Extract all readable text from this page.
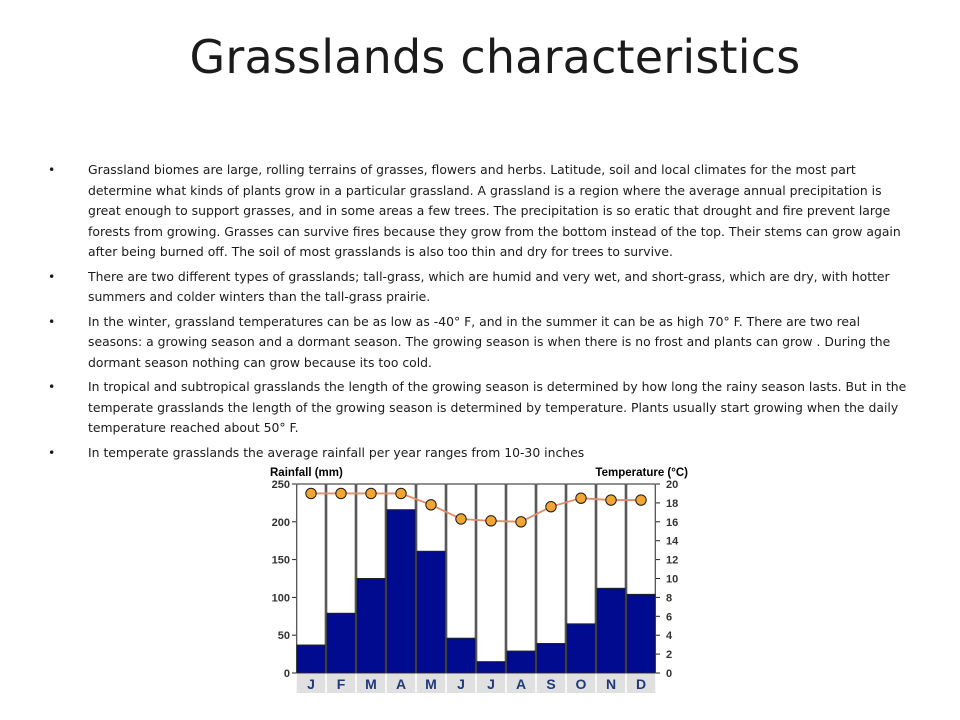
Grasslands characteristics
•	Grassland biomes are large, rolling terrains of grasses, flowers and herbs. Latitude, soil and local climates for the most part determine what kinds of plants grow in a particular grassland. A grassland is a region where the average annual precipitation is great enough to support grasses, and in some areas a few trees. The precipitation is so eratic that drought and fire prevent large forests from growing. Grasses can survive fires because they grow from the bottom instead of the top. Their stems can grow again after being burned off. The soil of most grasslands is also too thin and dry for trees to survive.
•	There are two different types of grasslands; tall-grass, which are humid and very wet, and short-grass, which are dry, with hotter summers and colder winters than the tall-grass prairie.
•	In the winter, grassland temperatures can be as low as -40° F, and in the summer it can be as high 70° F. There are two real seasons: a growing season and a dormant season. The growing season is when there is no frost and plants can grow . During the dormant season nothing can grow because its too cold.
•	In tropical and subtropical grasslands the length of the growing season is determined by how long the rainy season lasts. But in the temperate grasslands the length of the growing season is determined by temperature. Plants usually start growing when the daily temperature reached about 50° F.
•	In temperate grasslands the average rainfall per year ranges from 10-30 inches
Rainfall (mm)	Temperature (°C)
0
50
100
150
200
250
0
2
4
6
8
10
12
14
16
18
20
J F M A M J J A S O N D
